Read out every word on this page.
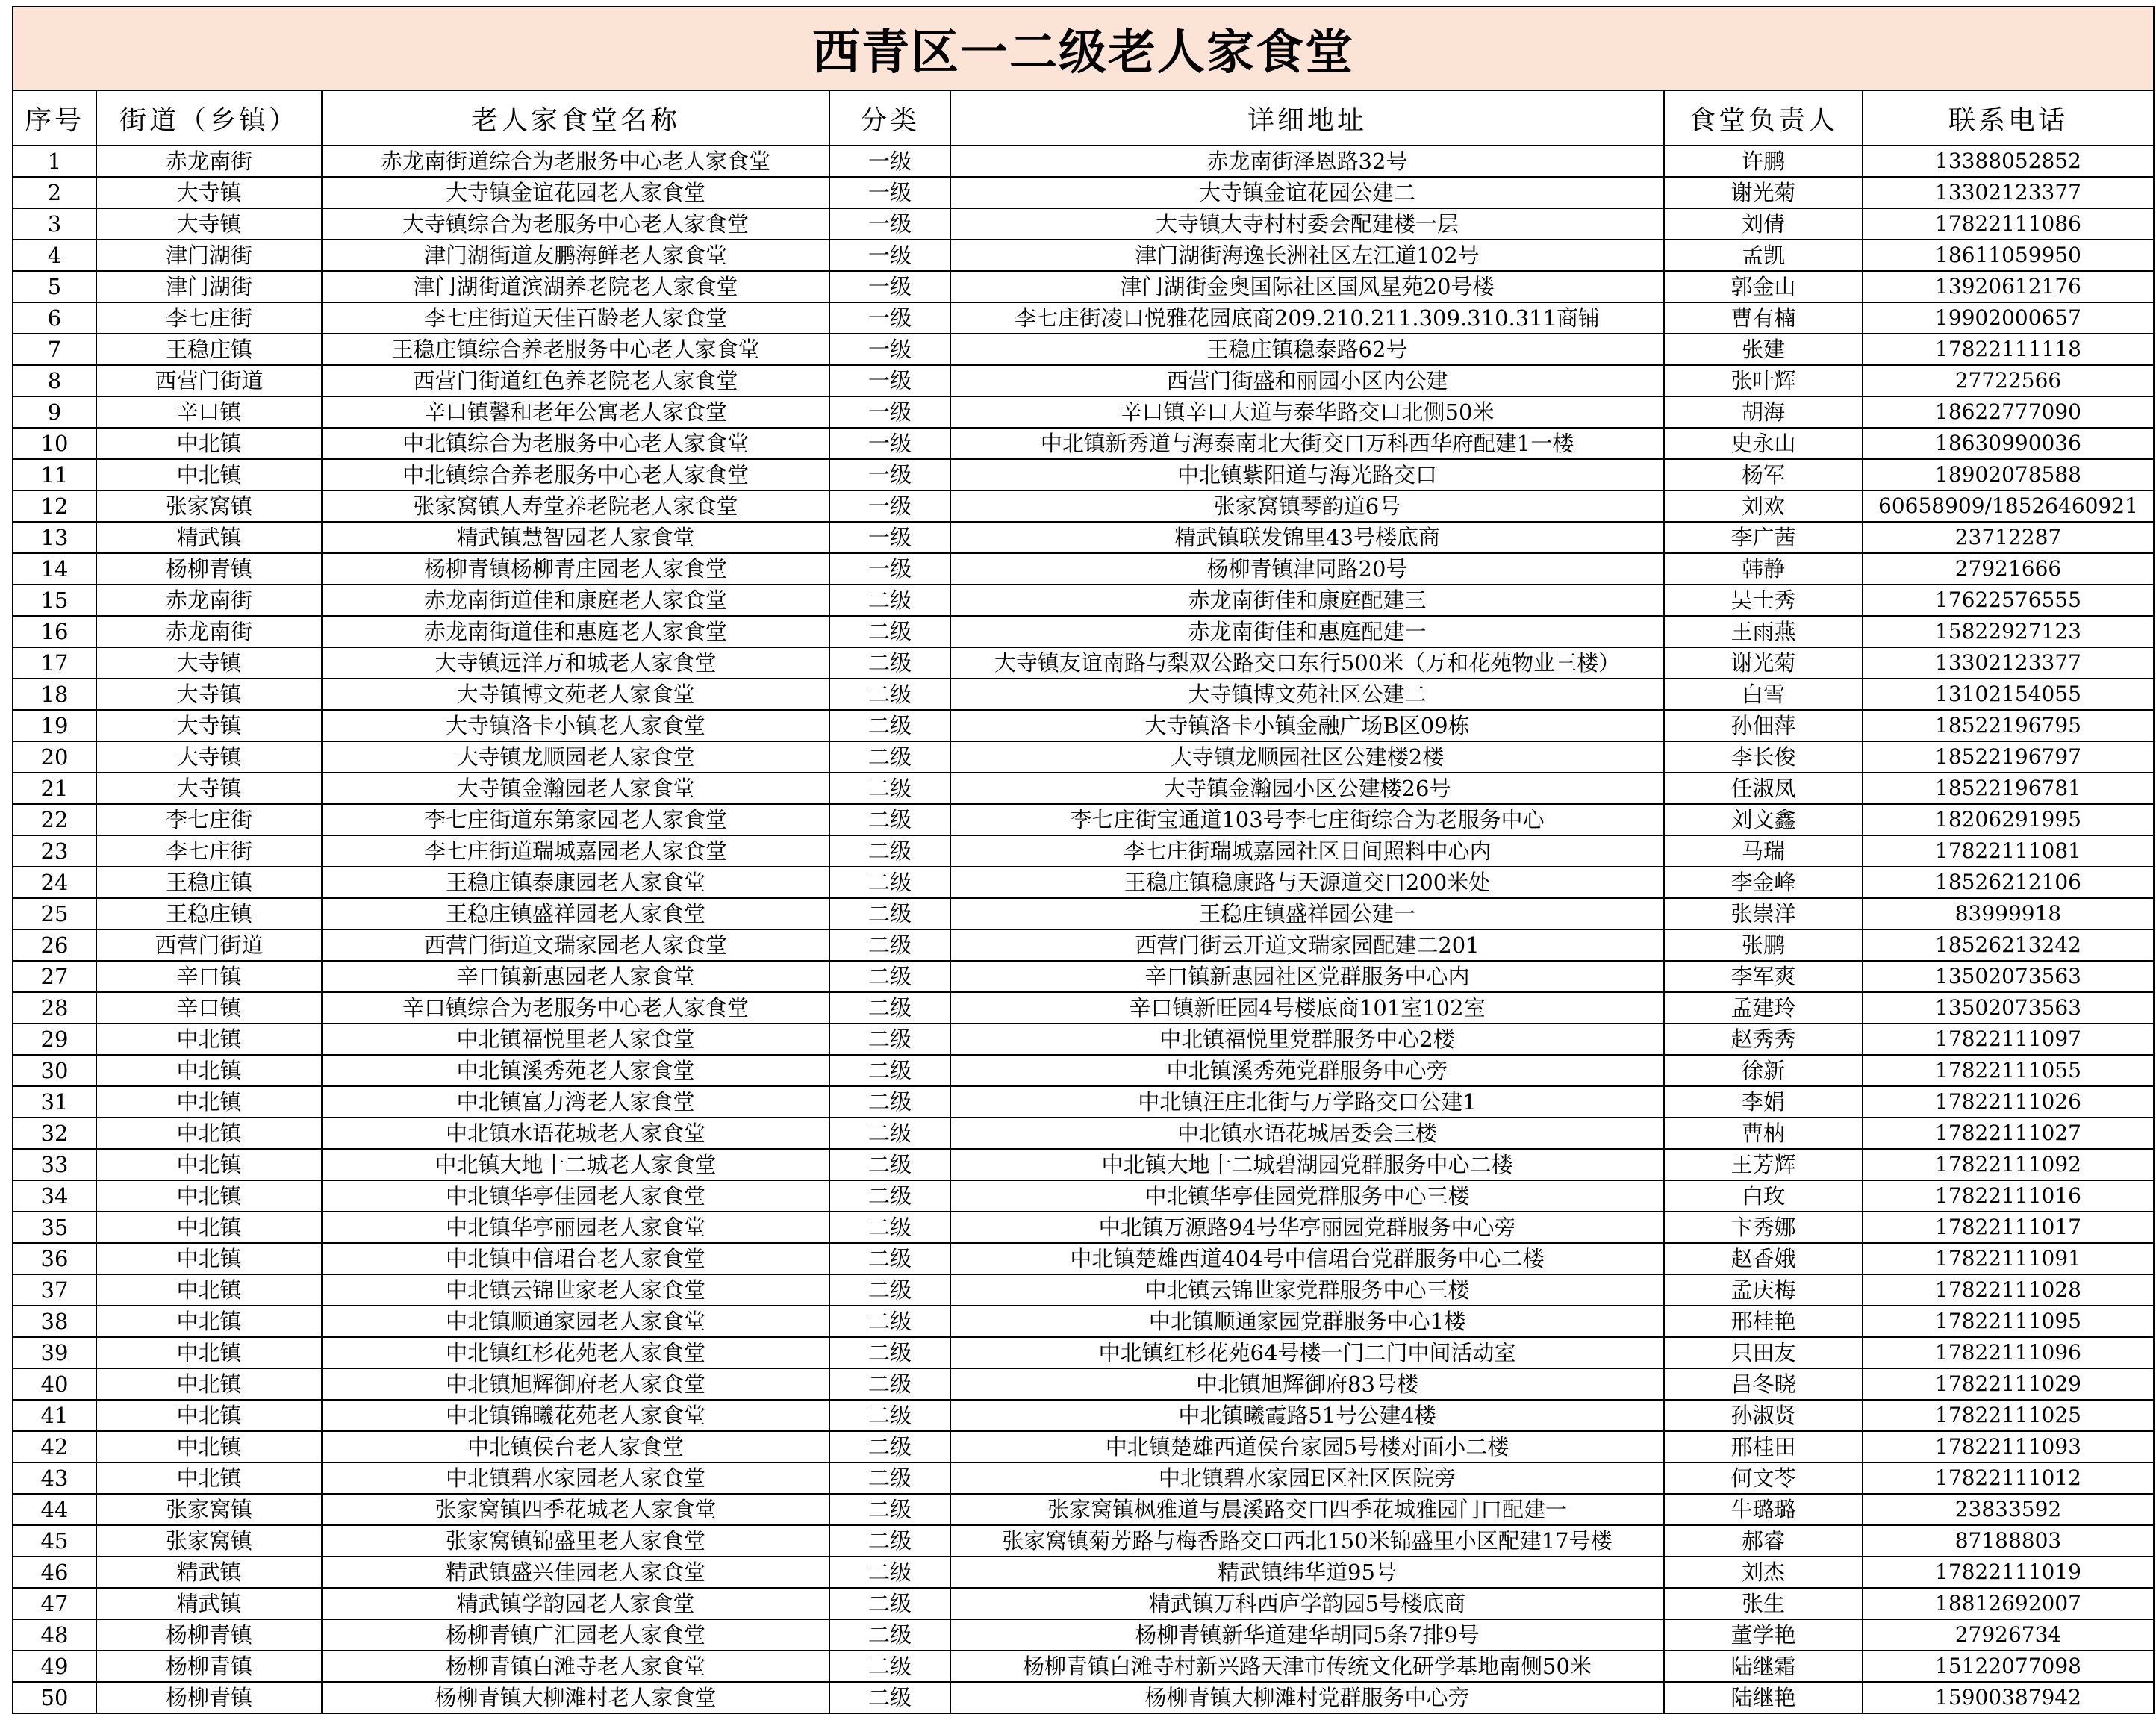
西青区一二级老人家食堂						
序号	街道（乡镇）	老人家食堂名称	分类	详细地址	食堂负责人	联系电话
1	赤龙南街	赤龙南街道综合为老服务中心老人家食堂	一级	赤龙南街泽恩路32号	许鹏	13388052852
2	大寺镇	大寺镇金谊花园老人家食堂	一级	大寺镇金谊花园公建二	谢光菊	13302123377
3	大寺镇	大寺镇综合为老服务中心老人家食堂	一级	大寺镇大寺村村委会配建楼一层	刘倩	17822111086
4	津门湖街	津门湖街道友鹏海鲜老人家食堂	一级	津门湖街海逸长洲社区左江道102号	孟凯	18611059950
5	津门湖街	津门湖街道滨湖养老院老人家食堂	一级	津门湖街金奥国际社区国风星苑20号楼	郭金山	13920612176
6	李七庄街	李七庄街道天佳百龄老人家食堂	一级	李七庄街凌口悦雅花园底商209.210.211.309.310.311商铺	曹有楠	19902000657
7	王稳庄镇	王稳庄镇综合养老服务中心老人家食堂	一级	王稳庄镇稳泰路62号	张建	17822111118
8	西营门街道	西营门街道红色养老院老人家食堂	一级	西营门街盛和丽园小区内公建	张叶辉	27722566
9	辛口镇	辛口镇馨和老年公寓老人家食堂	一级	辛口镇辛口大道与泰华路交口北侧50米	胡海	18622777090
10	中北镇	中北镇综合为老服务中心老人家食堂	一级	中北镇新秀道与海泰南北大街交口万科西华府配建1一楼	史永山	18630990036
11	中北镇	中北镇综合养老服务中心老人家食堂	一级	中北镇紫阳道与海光路交口	杨军	18902078588
12	张家窝镇	张家窝镇人寿堂养老院老人家食堂	一级	张家窝镇琴韵道6号	刘欢	60658909/18526460921
13	精武镇	精武镇慧智园老人家食堂	一级	精武镇联发锦里43号楼底商	李广茜	23712287
14	杨柳青镇	杨柳青镇杨柳青庄园老人家食堂	一级	杨柳青镇津同路20号	韩静	27921666
15	赤龙南街	赤龙南街道佳和康庭老人家食堂	二级	赤龙南街佳和康庭配建三	吴士秀	17622576555
16	赤龙南街	赤龙南街道佳和惠庭老人家食堂	二级	赤龙南街佳和惠庭配建一	王雨燕	15822927123
17	大寺镇	大寺镇远洋万和城老人家食堂	二级	大寺镇友谊南路与梨双公路交口东行500米（万和花苑物业三楼）	谢光菊	13302123377
18	大寺镇	大寺镇博文苑老人家食堂	二级	大寺镇博文苑社区公建二	白雪	13102154055
19	大寺镇	大寺镇洛卡小镇老人家食堂	二级	大寺镇洛卡小镇金融广场B区09栋	孙佃萍	18522196795
20	大寺镇	大寺镇龙顺园老人家食堂	二级	大寺镇龙顺园社区公建楼2楼	李长俊	18522196797
21	大寺镇	大寺镇金瀚园老人家食堂	二级	大寺镇金瀚园小区公建楼26号	任淑凤	18522196781
22	李七庄街	李七庄街道东第家园老人家食堂	二级	李七庄街宝通道103号李七庄街综合为老服务中心	刘文鑫	18206291995
23	李七庄街	李七庄街道瑞城嘉园老人家食堂	二级	李七庄街瑞城嘉园社区日间照料中心内	马瑞	17822111081
24	王稳庄镇	王稳庄镇泰康园老人家食堂	二级	王稳庄镇稳康路与天源道交口200米处	李金峰	18526212106
25	王稳庄镇	王稳庄镇盛祥园老人家食堂	二级	王稳庄镇盛祥园公建一	张崇洋	83999918
26	西营门街道	西营门街道文瑞家园老人家食堂	二级	西营门街云开道文瑞家园配建二201	张鹏	18526213242
27	辛口镇	辛口镇新惠园老人家食堂	二级	辛口镇新惠园社区党群服务中心内	李军爽	13502073563
28	辛口镇	辛口镇综合为老服务中心老人家食堂	二级	辛口镇新旺园4号楼底商101室102室	孟建玲	13502073563
29	中北镇	中北镇福悦里老人家食堂	二级	中北镇福悦里党群服务中心2楼	赵秀秀	17822111097
30	中北镇	中北镇溪秀苑老人家食堂	二级	中北镇溪秀苑党群服务中心旁	徐新	17822111055
31	中北镇	中北镇富力湾老人家食堂	二级	中北镇汪庄北街与万学路交口公建1	李娟	17822111026
32	中北镇	中北镇水语花城老人家食堂	二级	中北镇水语花城居委会三楼	曹枘	17822111027
33	中北镇	中北镇大地十二城老人家食堂	二级	中北镇大地十二城碧湖园党群服务中心二楼	王芳辉	17822111092
34	中北镇	中北镇华亭佳园老人家食堂	二级	中北镇华亭佳园党群服务中心三楼	白玫	17822111016
35	中北镇	中北镇华亭丽园老人家食堂	二级	中北镇万源路94号华亭丽园党群服务中心旁	卞秀娜	17822111017
36	中北镇	中北镇中信珺台老人家食堂	二级	中北镇楚雄西道404号中信珺台党群服务中心二楼	赵香娥	17822111091
37	中北镇	中北镇云锦世家老人家食堂	二级	中北镇云锦世家党群服务中心三楼	孟庆梅	17822111028
38	中北镇	中北镇顺通家园老人家食堂	二级	中北镇顺通家园党群服务中心1楼	邢桂艳	17822111095
39	中北镇	中北镇红杉花苑老人家食堂	二级	中北镇红杉花苑64号楼一门二门中间活动室	只田友	17822111096
40	中北镇	中北镇旭辉御府老人家食堂	二级	中北镇旭辉御府83号楼	吕冬晓	17822111029
41	中北镇	中北镇锦曦花苑老人家食堂	二级	中北镇曦霞路51号公建4楼	孙淑贤	17822111025
42	中北镇	中北镇侯台老人家食堂	二级	中北镇楚雄西道侯台家园5号楼对面小二楼	邢桂田	17822111093
43	中北镇	中北镇碧水家园老人家食堂	二级	中北镇碧水家园E区社区医院旁	何文苓	17822111012
44	张家窝镇	张家窝镇四季花城老人家食堂	二级	张家窝镇枫雅道与晨溪路交口四季花城雅园门口配建一	牛璐璐	23833592
45	张家窝镇	张家窝镇锦盛里老人家食堂	二级	张家窝镇菊芳路与梅香路交口西北150米锦盛里小区配建17号楼	郝睿	87188803
46	精武镇	精武镇盛兴佳园老人家食堂	二级	精武镇纬华道95号	刘杰	17822111019
47	精武镇	精武镇学韵园老人家食堂	二级	精武镇万科西庐学韵园5号楼底商	张生	18812692007
48	杨柳青镇	杨柳青镇广汇园老人家食堂	二级	杨柳青镇新华道建华胡同5条7排9号	董学艳	27926734
49	杨柳青镇	杨柳青镇白滩寺老人家食堂	二级	杨柳青镇白滩寺村新兴路天津市传统文化研学基地南侧50米	陆继霜	15122077098
50	杨柳青镇	杨柳青镇大柳滩村老人家食堂	二级	杨柳青镇大柳滩村党群服务中心旁	陆继艳	15900387942
